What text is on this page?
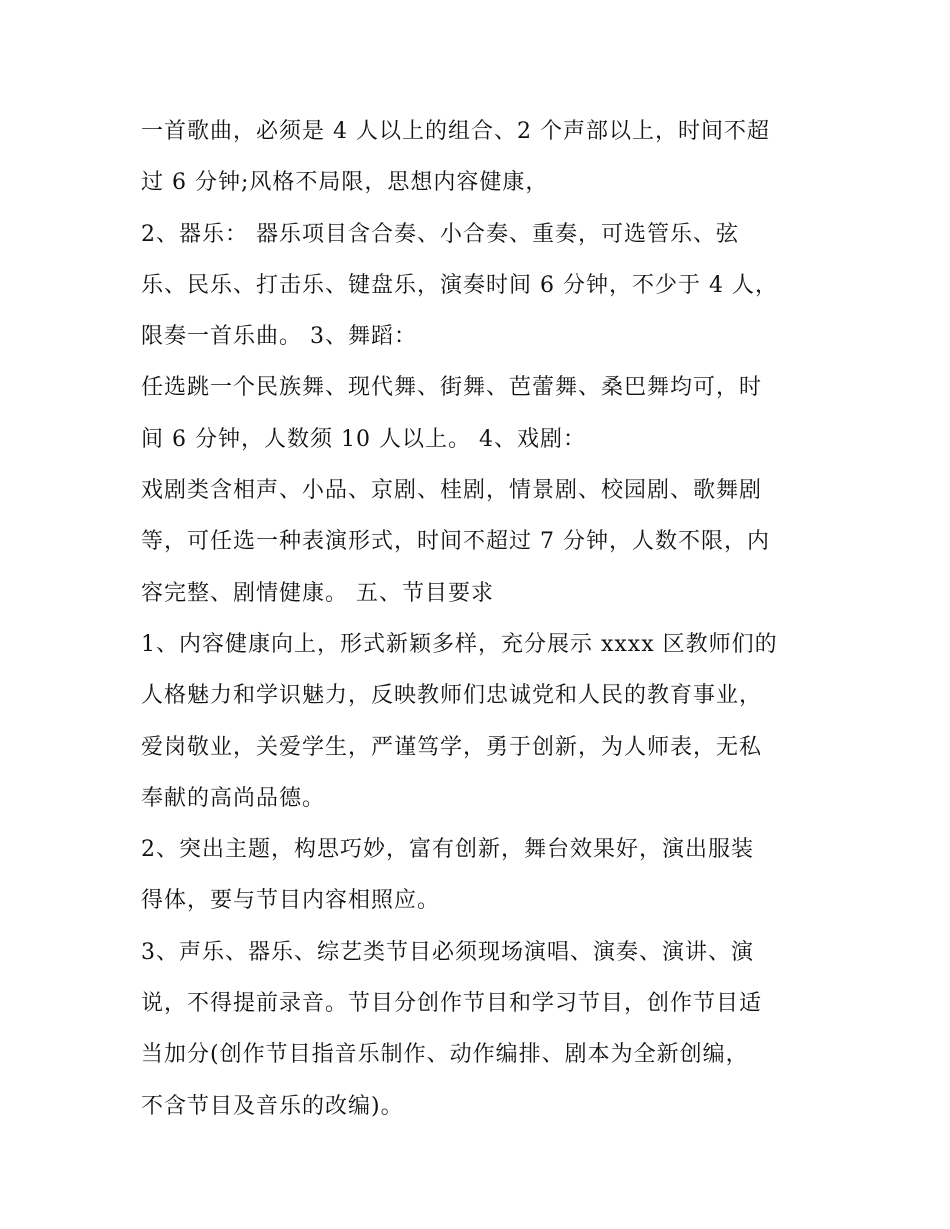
一首歌曲，必须是 4 人以上的组合、2 个声部以上，时间不超
过 6 分钟;风格不局限，思想内容健康，
2、器乐： 器乐项目含合奏、小合奏、重奏，可选管乐、弦
乐、民乐、打击乐、键盘乐，演奏时间 6 分钟，不少于 4 人，
限奏一首乐曲。 3、舞蹈：
任选跳一个民族舞、现代舞、街舞、芭蕾舞、桑巴舞均可，时
间 6 分钟，人数须 10 人以上。 4、戏剧：
戏剧类含相声、小品、京剧、桂剧，情景剧、校园剧、歌舞剧
等，可任选一种表演形式，时间不超过 7 分钟，人数不限，内
容完整、剧情健康。 五、节目要求
1、内容健康向上，形式新颖多样，充分展示 xxxx 区教师们的
人格魅力和学识魅力，反映教师们忠诚党和人民的教育事业，
爱岗敬业，关爱学生，严谨笃学，勇于创新，为人师表，无私
奉献的高尚品德。
2、突出主题，构思巧妙，富有创新，舞台效果好，演出服装
得体，要与节目内容相照应。
3、声乐、器乐、综艺类节目必须现场演唱、演奏、演讲、演
说，不得提前录音。节目分创作节目和学习节目，创作节目适
当加分(创作节目指音乐制作、动作编排、剧本为全新创编，
不含节目及音乐的改编)。
